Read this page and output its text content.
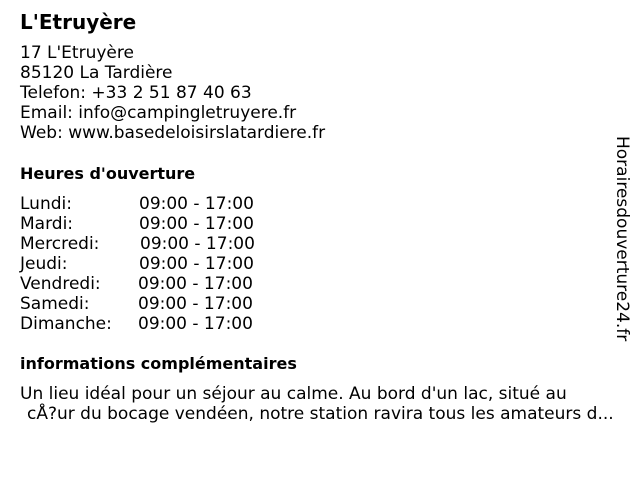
L'Etruyère
17 L'Etruyère
85120 La Tardière
Telefon: +33 2 51 87 40 63
Email: info@campingletruyere.fr
Web: www.basedeloisirslatardiere.fr
Heures d'ouverture
Lundi:	09:00 - 17:00
Mardi:	09:00 - 17:00
Mercredi: 09:00 - 17:00
Jeudi:	09:00 - 17:00
Vendredi: 09:00 - 17:00
Samedi:	09:00 - 17:00
Dimanche: 09:00 - 17:00
informations complémentaires
Un lieu idéal pour un séjour au calme. Au bord d'un lac, situé au
cÅ?ur du bocage vendéen, notre station ravira tous les amateurs d...
Horairesdouverture24.fr
